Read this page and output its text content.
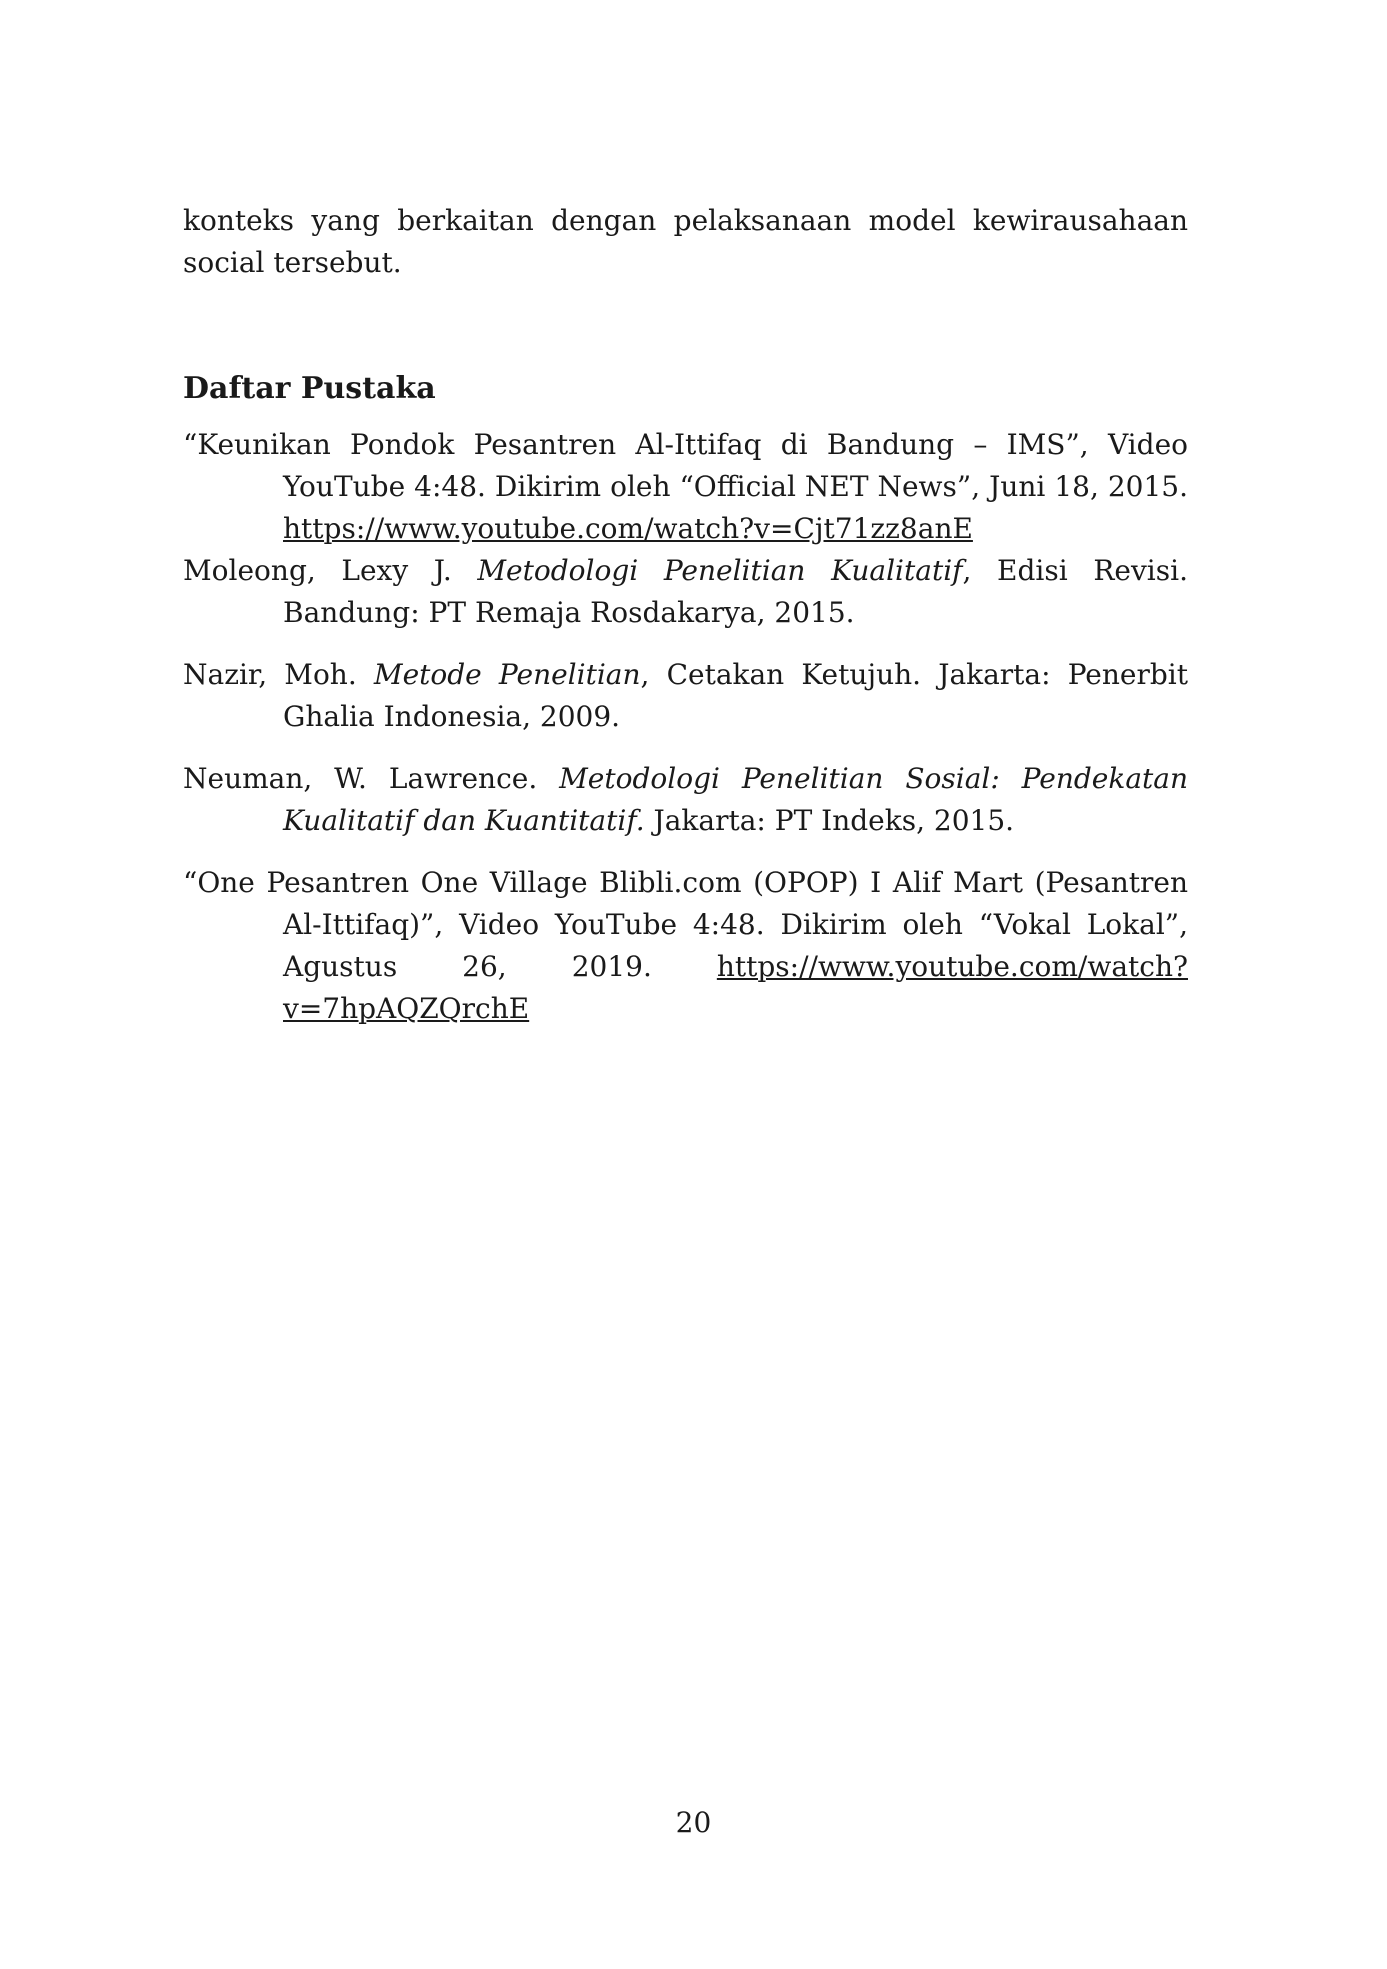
konteks yang berkaitan dengan pelaksanaan model kewirausahaan social tersebut.

Daftar Pustaka
“Keunikan Pondok Pesantren Al-Ittifaq di Bandung – IMS”, Video YouTube 4:48. Dikirim oleh “Official NET News”, Juni 18, 2015. https://www.youtube.com/watch?v=Cjt71zz8anE
Moleong, Lexy J. Metodologi Penelitian Kualitatif, Edisi Revisi. Bandung: PT Remaja Rosdakarya, 2015.
Nazir, Moh. Metode Penelitian, Cetakan Ketujuh. Jakarta: Penerbit Ghalia Indonesia, 2009.
Neuman, W. Lawrence. Metodologi Penelitian Sosial: Pendekatan Kualitatif dan Kuantitatif. Jakarta: PT Indeks, 2015.
“One Pesantren One Village Blibli.com (OPOP) I Alif Mart (Pesantren Al-Ittifaq)”, Video YouTube 4:48. Dikirim oleh “Vokal Lokal”, Agustus 26, 2019. https://www.youtube.com/watch?v=7hpAQZQrchE
20
